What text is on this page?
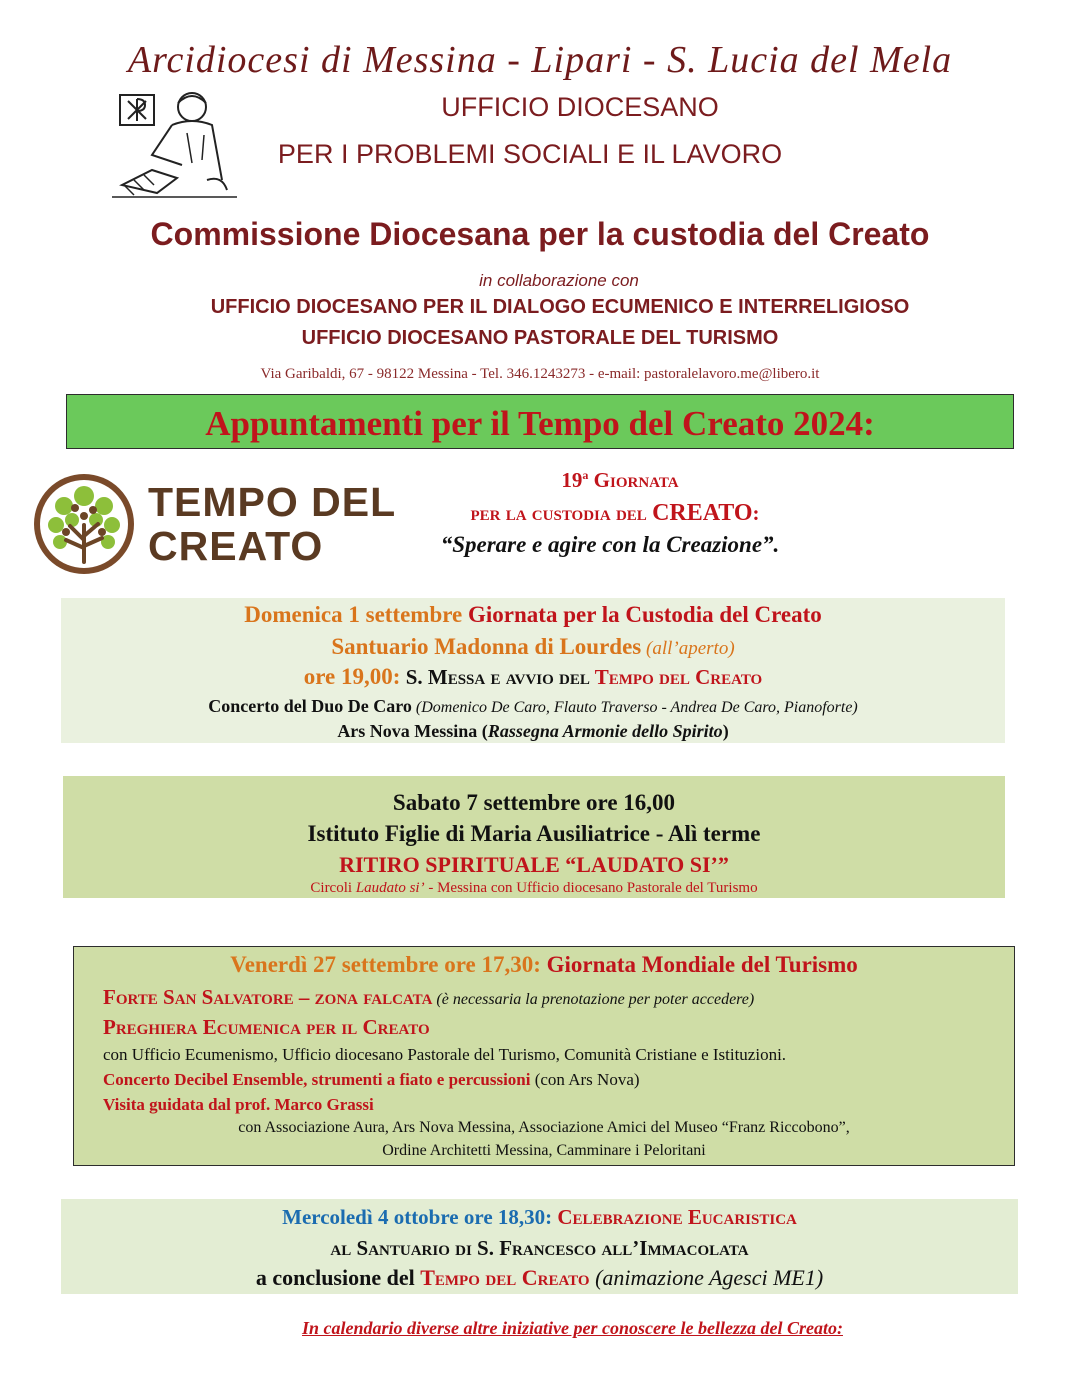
Arcidiocesi di Messina - Lipari - S. Lucia del Mela
UFFICIO DIOCESANO
PER I PROBLEMI SOCIALI E IL LAVORO
Commissione Diocesana per la custodia del Creato
in collaborazione con
UFFICIO DIOCESANO PER IL DIALOGO ECUMENICO E INTERRELIGIOSO
UFFICIO DIOCESANO PASTORALE DEL TURISMO
Via Garibaldi, 67 - 98122 Messina - Tel. 346.1243273 - e-mail: pastoralelavoro.me@libero.it
Appuntamenti per il Tempo del Creato 2024:
TEMPO DEL
CREATO
19$^a$ Giornata
per la custodia del CREATO:
“Sperare e agire con la Creazione”.
Domenica 1 settembre Giornata per la Custodia del Creato
Santuario Madonna di Lourdes (all’aperto)
ore 19,00: S. Messa e avvio del Tempo del Creato
Concerto del Duo De Caro (Domenico De Caro, Flauto Traverso - Andrea De Caro, Pianoforte)
Ars Nova Messina (Rassegna Armonie dello Spirito)
Sabato 7 settembre ore 16,00
Istituto Figlie di Maria Ausiliatrice - Alì terme
RITIRO SPIRITUALE “LAUDATO SI’”
Circoli Laudato si’ - Messina con Ufficio diocesano Pastorale del Turismo
Venerdì 27 settembre ore 17,30: Giornata Mondiale del Turismo
Forte San Salvatore – zona falcata (è necessaria la prenotazione per poter accedere)
Preghiera Ecumenica per il Creato
con Ufficio Ecumenismo, Ufficio diocesano Pastorale del Turismo, Comunità Cristiane e Istituzioni.
Concerto Decibel Ensemble, strumenti a fiato e percussioni (con Ars Nova)
Visita guidata dal prof. Marco Grassi
con Associazione Aura, Ars Nova Messina, Associazione Amici del Museo “Franz Riccobono”,
Ordine Architetti Messina, Camminare i Peloritani
Mercoledì 4 ottobre ore 18,30: Celebrazione Eucaristica
al Santuario di S. Francesco all’Immacolata
a conclusione del Tempo del Creato (animazione Agesci ME1)
In calendario diverse altre iniziative per conoscere le bellezza del Creato:
